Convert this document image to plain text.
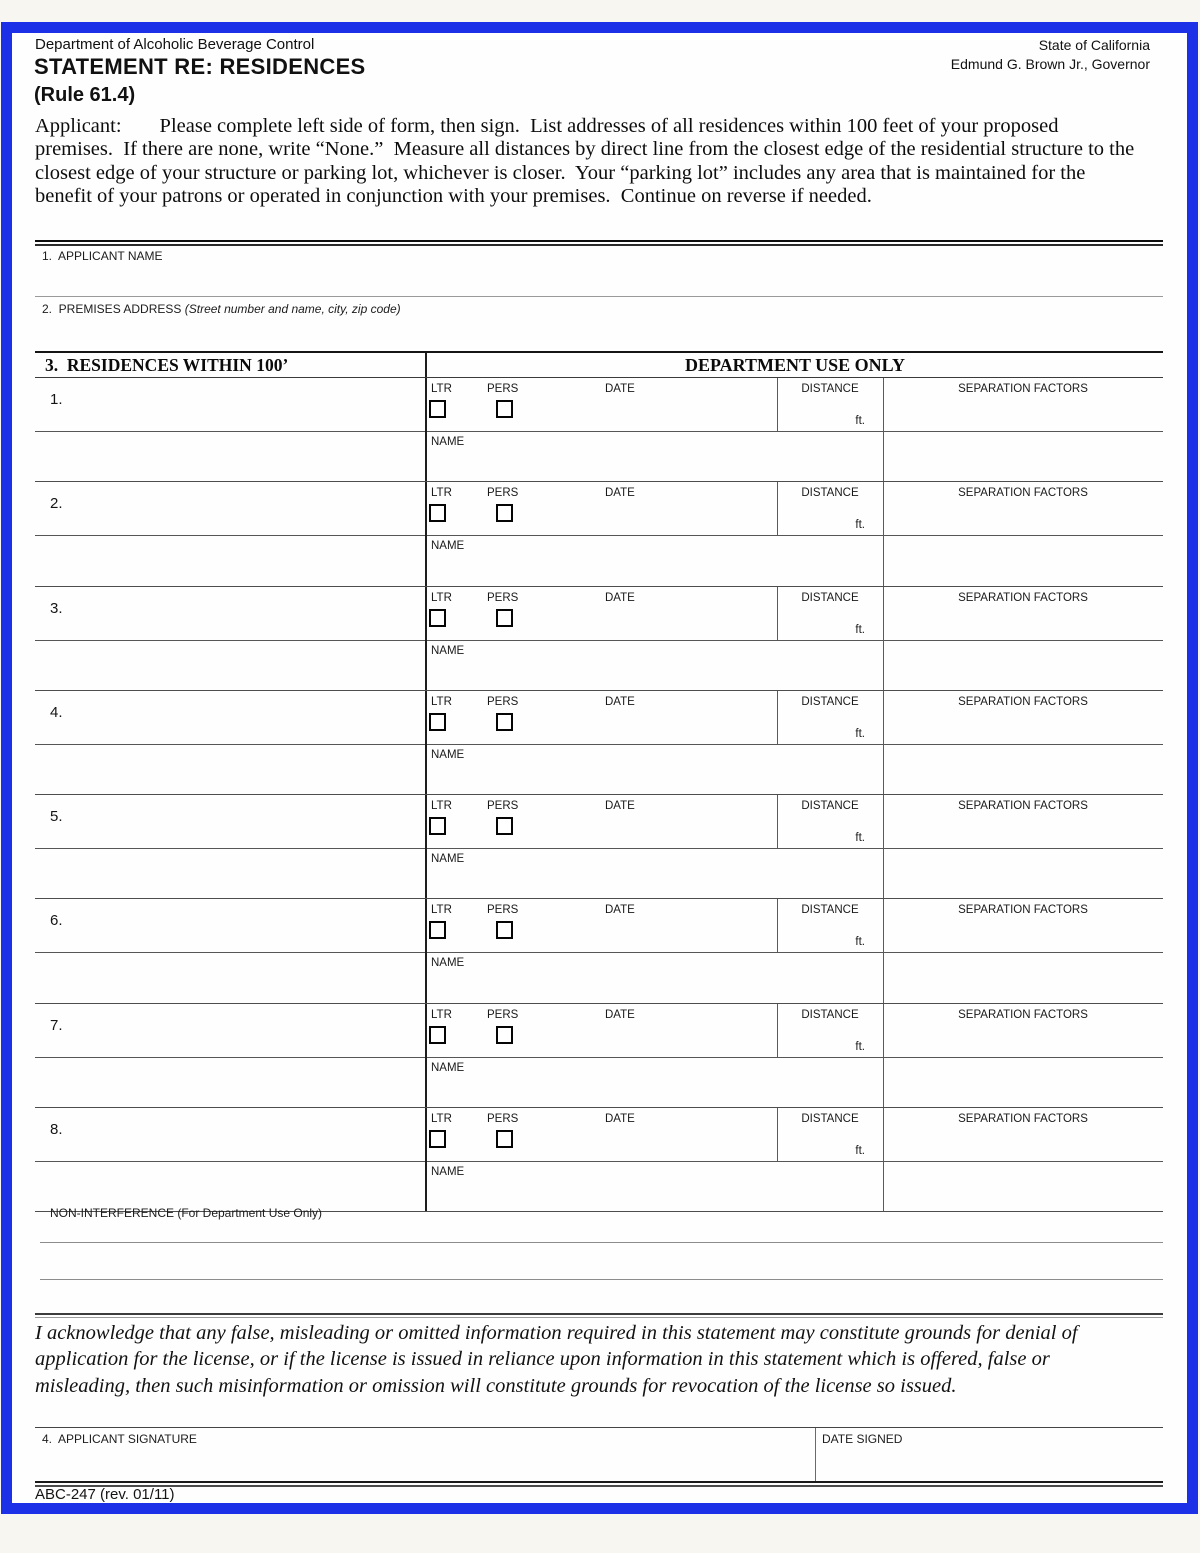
Department of Alcoholic Beverage Control
STATEMENT RE: RESIDENCES
(Rule 61.4)
State of California
Edmund G. Brown Jr., Governor
Applicant: Please complete left side of form, then sign.  List addresses of all residences within 100 feet of your proposed premises.  If there are none, write “None.”  Measure all distances by direct line from the closest edge of the residential structure to the closest edge of your structure or parking lot, whichever is closer.  Your “parking lot” includes any area that is maintained for the benefit of your patrons or operated in conjunction with your premises.  Continue on reverse if needed.
1.  APPLICANT NAME
2.  PREMISES ADDRESS (Street number and name, city, zip code)
3.  RESIDENCES WITHIN 100’	DEPARTMENT USE ONLY
1.
LTR	PERS	DATE	DISTANCE	SEPARATION FACTORS
ft.
NAME
2.
LTR	PERS	DATE	DISTANCE	SEPARATION FACTORS
ft.
NAME
3.
LTR	PERS	DATE	DISTANCE	SEPARATION FACTORS
ft.
NAME
4.
LTR	PERS	DATE	DISTANCE	SEPARATION FACTORS
ft.
NAME
5.
LTR	PERS	DATE	DISTANCE	SEPARATION FACTORS
ft.
NAME
6.
LTR	PERS	DATE	DISTANCE	SEPARATION FACTORS
ft.
NAME
7.
LTR	PERS	DATE	DISTANCE	SEPARATION FACTORS
ft.
NAME
8.
LTR	PERS	DATE	DISTANCE	SEPARATION FACTORS
ft.
NAME
NON-INTERFERENCE (For Department Use Only)
I acknowledge that any false, misleading or omitted information required in this statement may constitute grounds for denial of application for the license, or if the license is issued in reliance upon information in this statement which is offered, false or misleading, then such misinformation or omission will constitute grounds for revocation of the license so issued.
4.  APPLICANT SIGNATURE	DATE SIGNED
ABC-247 (rev. 01/11)
